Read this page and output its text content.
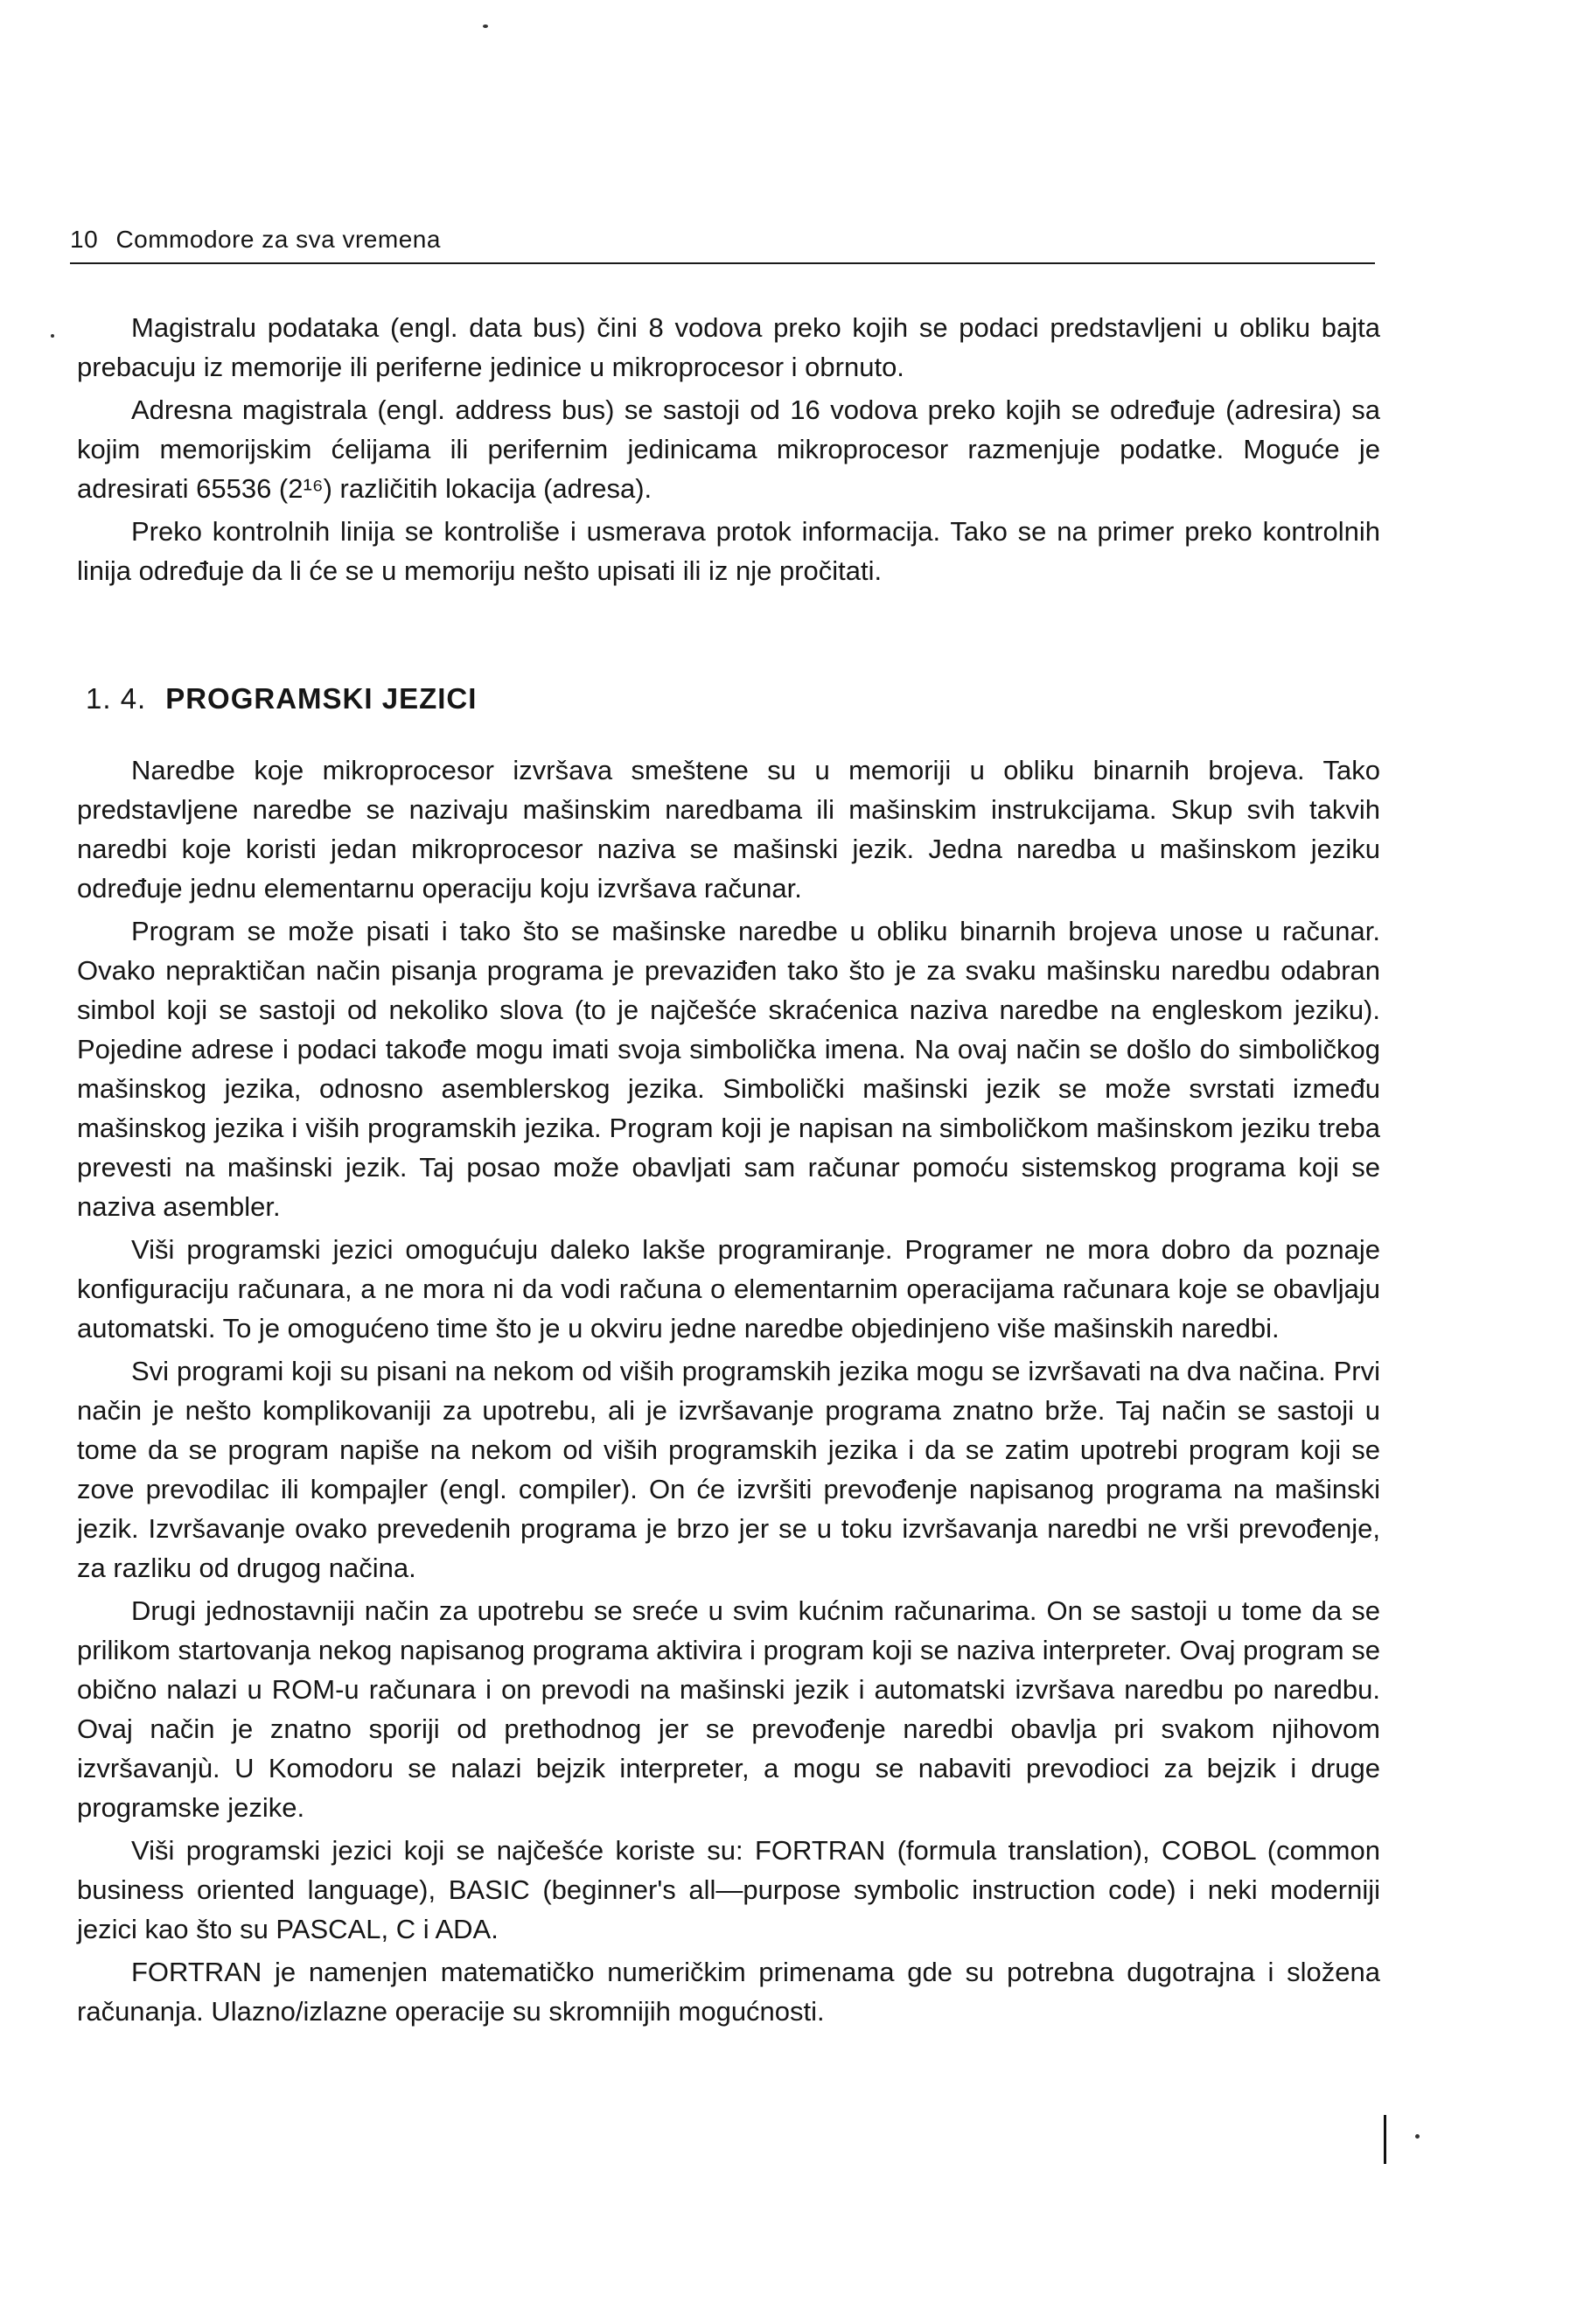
10 Commodore za sva vremena

Magistralu podataka (engl. data bus) čini 8 vodova preko kojih se podaci predstavljeni u obliku bajta prebacuju iz memorije ili periferne jedinice u mikroprocesor i obrnuto.

Adresna magistrala (engl. address bus) se sastoji od 16 vodova preko kojih se određuje (adresira) sa kojim memorijskim ćelijama ili perifernim jedinicama mikroprocesor razmenjuje podatke. Moguće je adresirati 65536 (2¹⁶) različitih lokacija (adresa).

Preko kontrolnih linija se kontroliše i usmerava protok informacija. Tako se na primer preko kontrolnih linija određuje da li će se u memoriju nešto upisati ili iz nje pročitati.

1. 4. PROGRAMSKI JEZICI

Naredbe koje mikroprocesor izvršava smeštene su u memoriji u obliku binarnih brojeva. Tako predstavljene naredbe se nazivaju mašinskim naredbama ili mašinskim instrukcijama. Skup svih takvih naredbi koje koristi jedan mikroprocesor naziva se mašinski jezik. Jedna naredba u mašinskom jeziku određuje jednu elementarnu operaciju koju izvršava računar.

Program se može pisati i tako što se mašinske naredbe u obliku binarnih brojeva unose u računar. Ovako nepraktičan način pisanja programa je prevaziđen tako što je za svaku mašinsku naredbu odabran simbol koji se sastoji od nekoliko slova (to je najčešće skraćenica naziva naredbe na engleskom jeziku). Pojedine adrese i podaci takođe mogu imati svoja simbolička imena. Na ovaj način se došlo do simboličkog mašinskog jezika, odnosno asemblerskog jezika. Simbolički mašinski jezik se može svrstati između mašinskog jezika i viših programskih jezika. Program koji je napisan na simboličkom mašinskom jeziku treba prevesti na mašinski jezik. Taj posao može obavljati sam računar pomoću sistemskog programa koji se naziva asembler.

Viši programski jezici omogućuju daleko lakše programiranje. Programer ne mora dobro da poznaje konfiguraciju računara, a ne mora ni da vodi računa o elementarnim operacijama računara koje se obavljaju automatski. To je omogućeno time što je u okviru jedne naredbe objedinjeno više mašinskih naredbi.

Svi programi koji su pisani na nekom od viših programskih jezika mogu se izvršavati na dva načina. Prvi način je nešto komplikovaniji za upotrebu, ali je izvršavanje programa znatno brže. Taj način se sastoji u tome da se program napiše na nekom od viših programskih jezika i da se zatim upotrebi program koji se zove prevodilac ili kompajler (engl. compiler). On će izvršiti prevođenje napisanog programa na mašinski jezik. Izvršavanje ovako prevedenih programa je brzo jer se u toku izvršavanja naredbi ne vrši prevođenje, za razliku od drugog načina.

Drugi jednostavniji način za upotrebu se sreće u svim kućnim računarima. On se sastoji u tome da se prilikom startovanja nekog napisanog programa aktivira i program koji se naziva interpreter. Ovaj program se obično nalazi u ROM-u računara i on prevodi na mašinski jezik i automatski izvršava naredbu po naredbu. Ovaj način je znatno sporiji od prethodnog jer se prevođenje naredbi obavlja pri svakom njihovom izvršavanjù. U Komodoru se nalazi bejzik interpreter, a mogu se nabaviti prevodioci za bejzik i druge programske jezike.

Viši programski jezici koji se najčešće koriste su: FORTRAN (formula translation), COBOL (common business oriented language), BASIC (beginner's all—purpose symbolic instruction code) i neki moderniji jezici kao što su PASCAL, C i ADA.

FORTRAN je namenjen matematičko numeričkim primenama gde su potrebna dugotrajna i složena računanja. Ulazno/izlazne operacije su skromnijih mogućnosti.
